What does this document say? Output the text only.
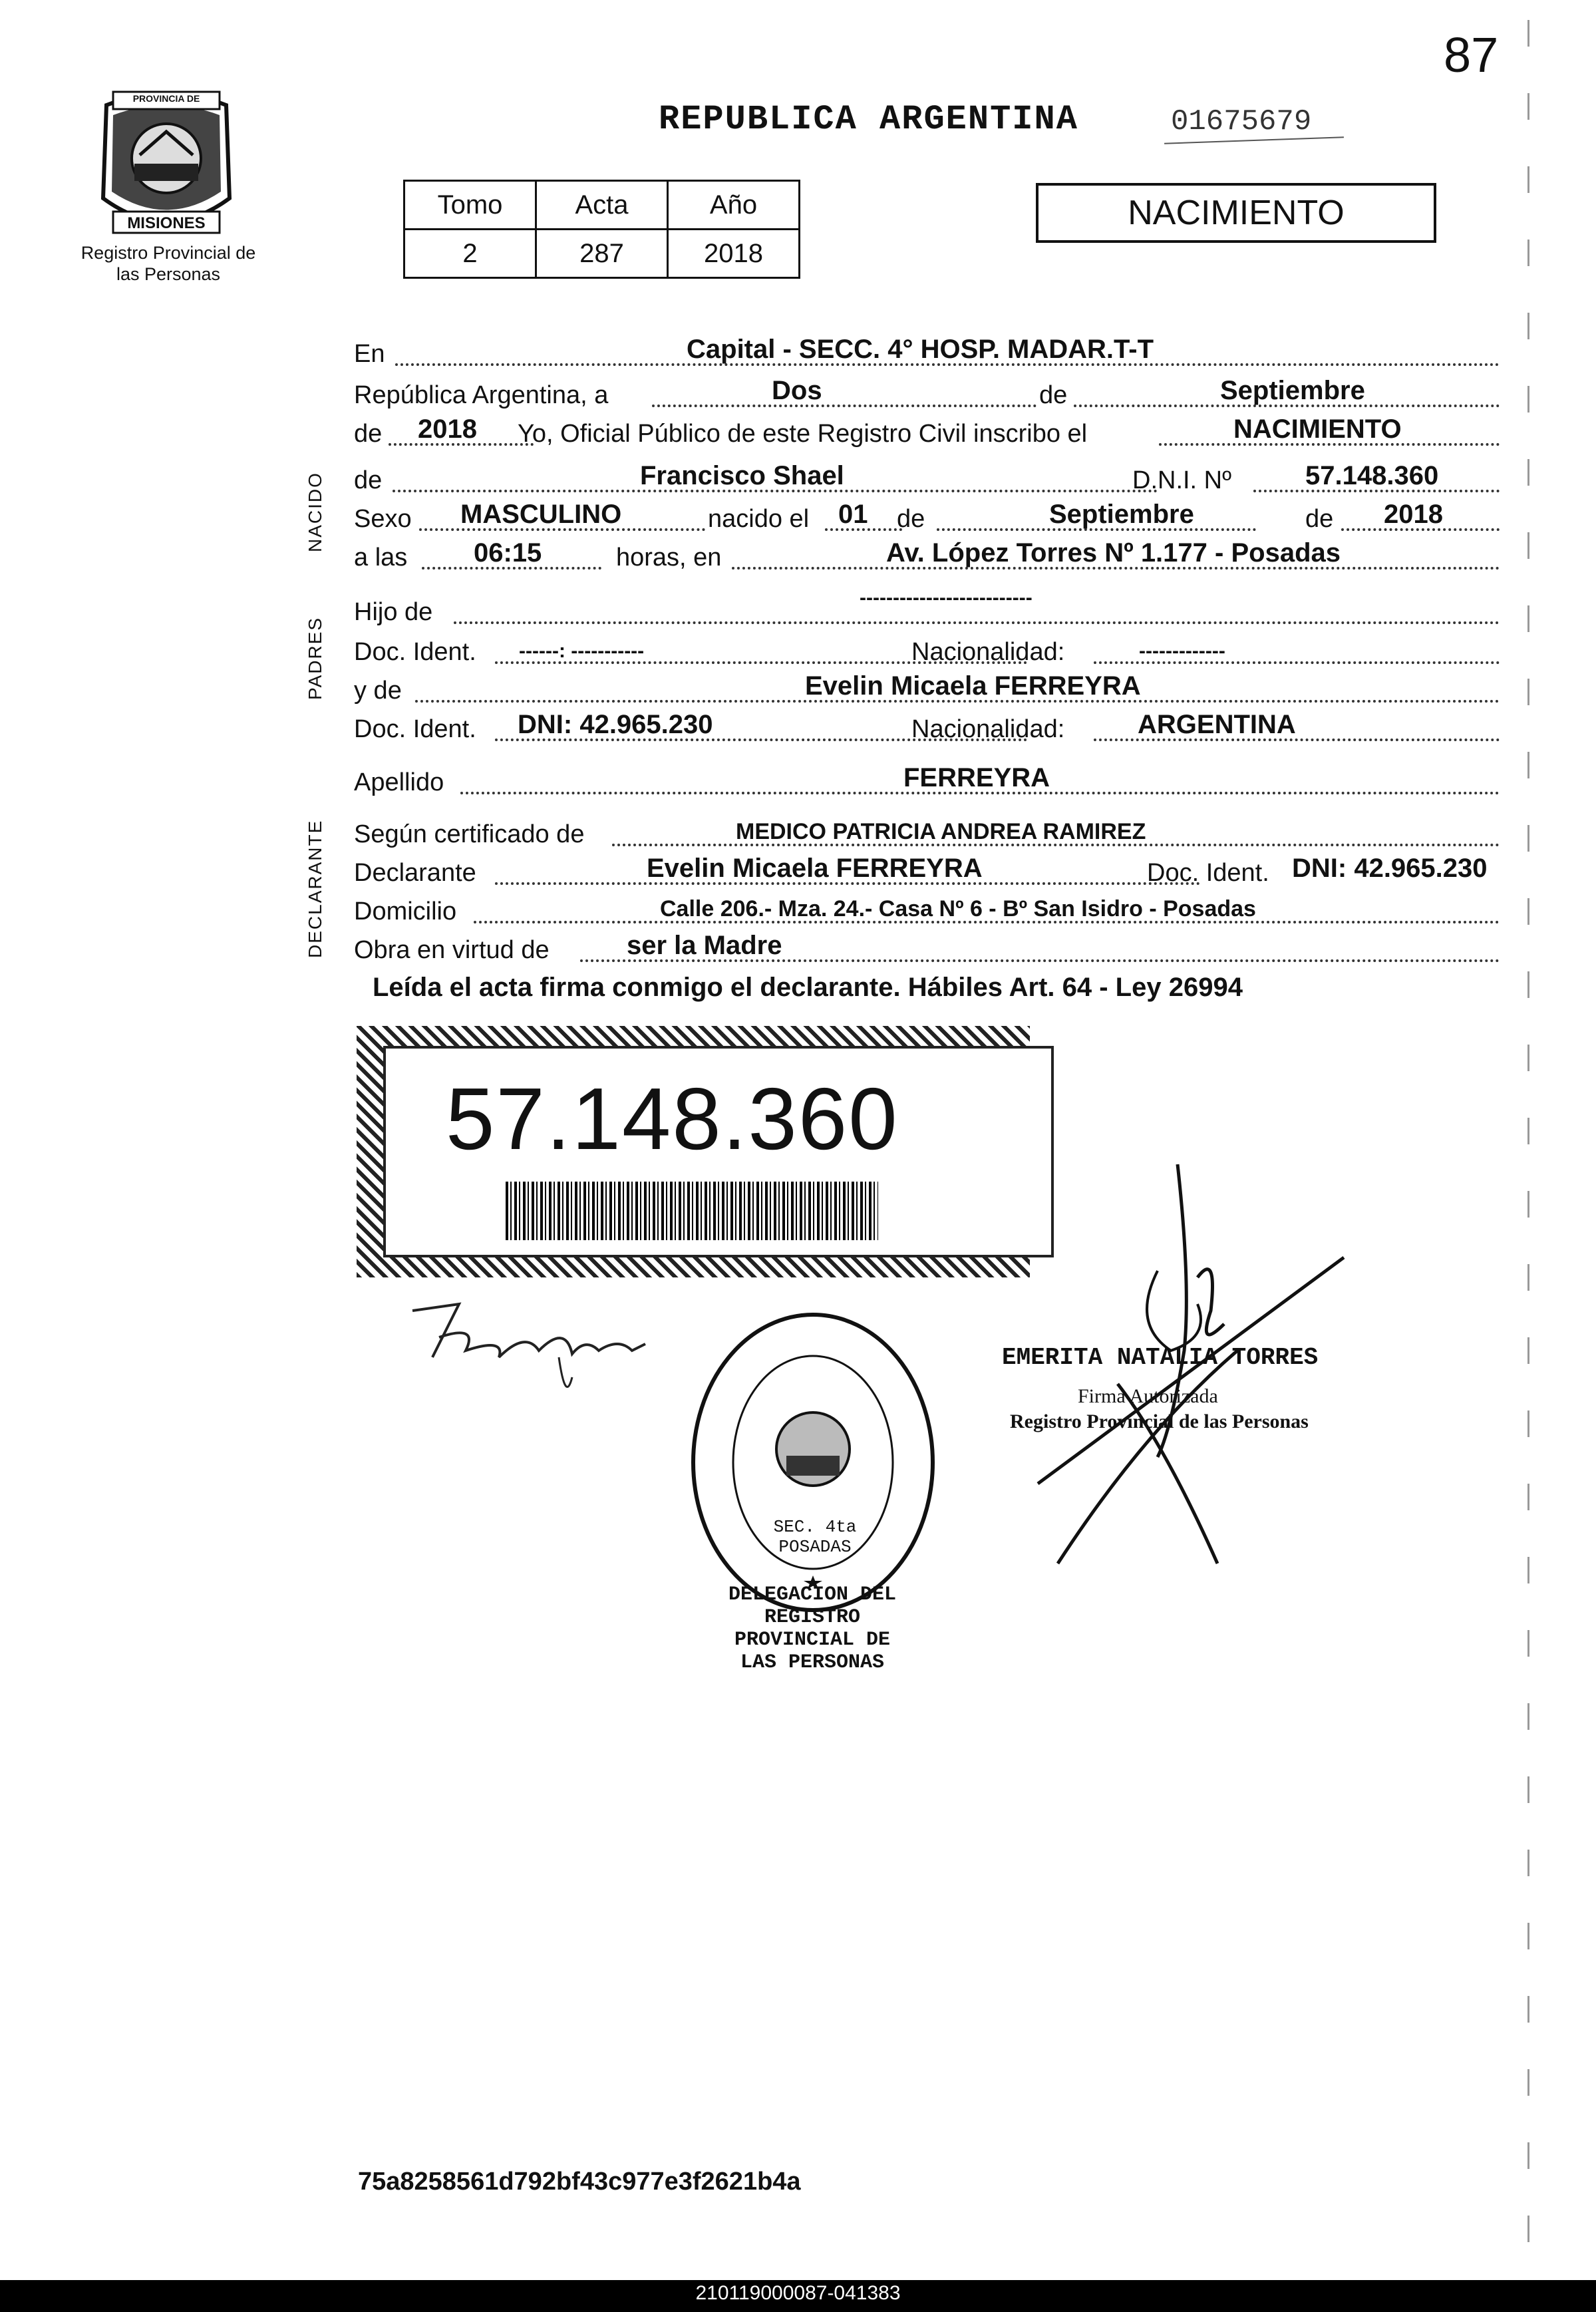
87
PROVINCIA DE
MISIONES
Registro Provincial de las Personas
REPUBLICA ARGENTINA	01675679
Tomo	Acta	Año
2	287	2018
NACIMIENTO
NACIDO
PADRES
DECLARANTE
En	Capital - SECC. 4° HOSP. MADAR.T-T
República Argentina, a	Dos	de	Septiembre
de 2018 Yo, Oficial Público de este Registro Civil inscribo el	NACIMIENTO
de	Francisco Shael	D.N.I. Nº	57.148.360
Sexo MASCULINO	nacido el 01 de	Septiembre	de 2018
a las 06:15	horas, en	Av. López Torres Nº 1.177 - Posadas
Hijo de
--------------------------
Doc. Ident. ------: -----------	Nacionalidad:	-------------
y de	Evelin Micaela FERREYRA
Doc. Ident. DNI: 42.965.230	Nacionalidad:	ARGENTINA
Apellido	FERREYRA
Según certificado de	MEDICO PATRICIA ANDREA RAMIREZ
Declarante	Evelin Micaela FERREYRA	Doc. Ident. DNI: 42.965.230
Domicilio	Calle 206.- Mza. 24.- Casa Nº 6 - Bº San Isidro - Posadas
Obra en virtud de	ser la Madre
Leída el acta firma conmigo el declarante. Hábiles Art. 64 - Ley 26994
57.148.360
DELEGACION DEL REGISTRO PROVINCIAL DE LAS PERSONAS
SEC. 4ta POSADAS
EMERITA NATALIA TORRES
Firma Autorizada
Registro Provincial de las Personas
75a8258561d792bf43c977e3f2621b4a
210119000087-041383
